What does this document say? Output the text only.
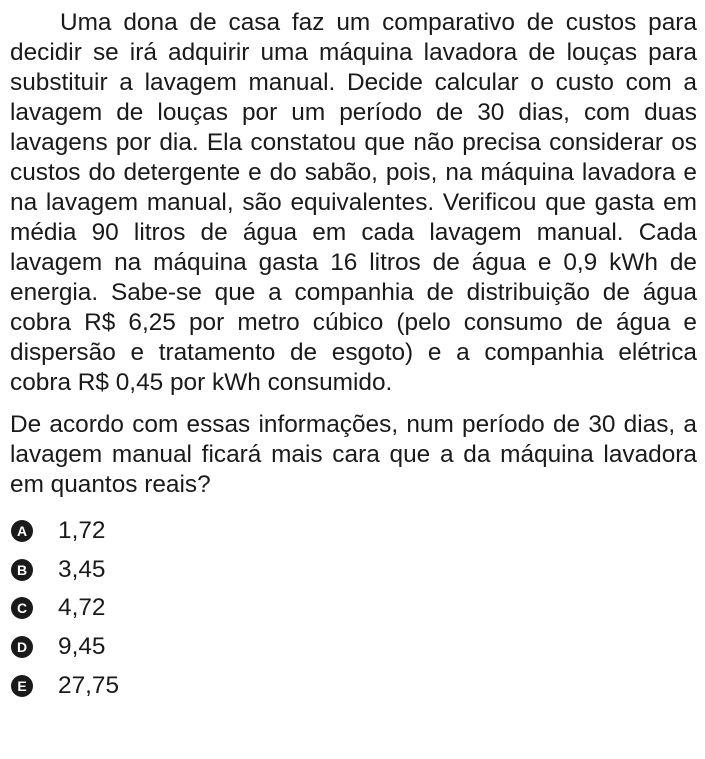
Uma dona de casa faz um comparativo de custos para decidir se irá adquirir uma máquina lavadora de louças para substituir a lavagem manual. Decide calcular o custo com a lavagem de louças por um período de 30 dias, com duas lavagens por dia. Ela constatou que não precisa considerar os custos do detergente e do sabão, pois, na máquina lavadora e na lavagem manual, são equivalentes. Verificou que gasta em média 90 litros de água em cada lavagem manual. Cada lavagem na máquina gasta 16 litros de água e 0,9 kWh de energia. Sabe-se que a companhia de distribuição de água cobra R$ 6,25 por metro cúbico (pelo consumo de água e dispersão e tratamento de esgoto) e a companhia elétrica cobra R$ 0,45 por kWh consumido.

De acordo com essas informações, num período de 30 dias, a lavagem manual ficará mais cara que a da máquina lavadora em quantos reais?

A 1,72
B 3,45
C 4,72
D 9,45
E 27,75
